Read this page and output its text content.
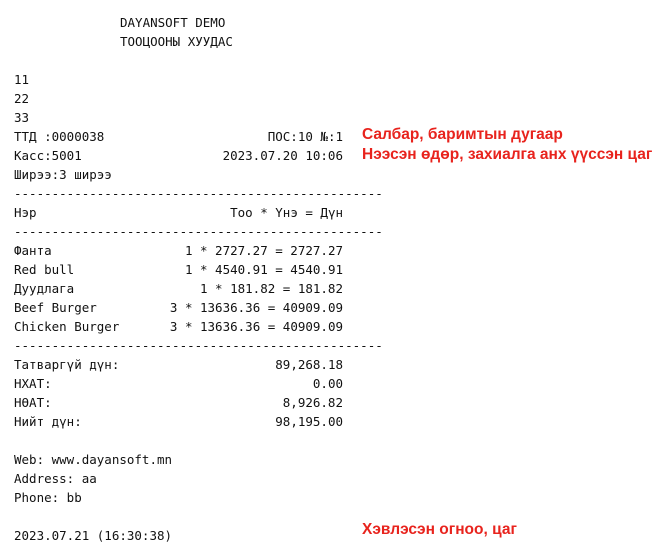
DAYANSOFT DEMO
ТООЦООНЫ ХУУДАС
11
22
33
ТТД :0000038	ПОС:10 №:1
Касс:5001	2023.07.20 10:06
Ширээ:3 ширээ
-------------------------------------------------
Нэр	Тоо * Үнэ = Дүн
-------------------------------------------------
Фанта	1 * 2727.27 = 2727.27
Red bull	1 * 4540.91 = 4540.91
Дуудлага	1 * 181.82 = 181.82
Beef Burger	3 * 13636.36 = 40909.09
Chicken Burger	3 * 13636.36 = 40909.09
-------------------------------------------------
Татваргүй дүн:	89,268.18
НХАТ:	0.00
НӨАТ:	8,926.82
Нийт дүн:	98,195.00
Web: www.dayansoft.mn
Address: aa
Phone: bb
2023.07.21 (16:30:38)
Салбар, баримтын дугаар
Нээсэн өдөр, захиалга анх үүссэн цаг
Хэвлэсэн огноо, цаг
